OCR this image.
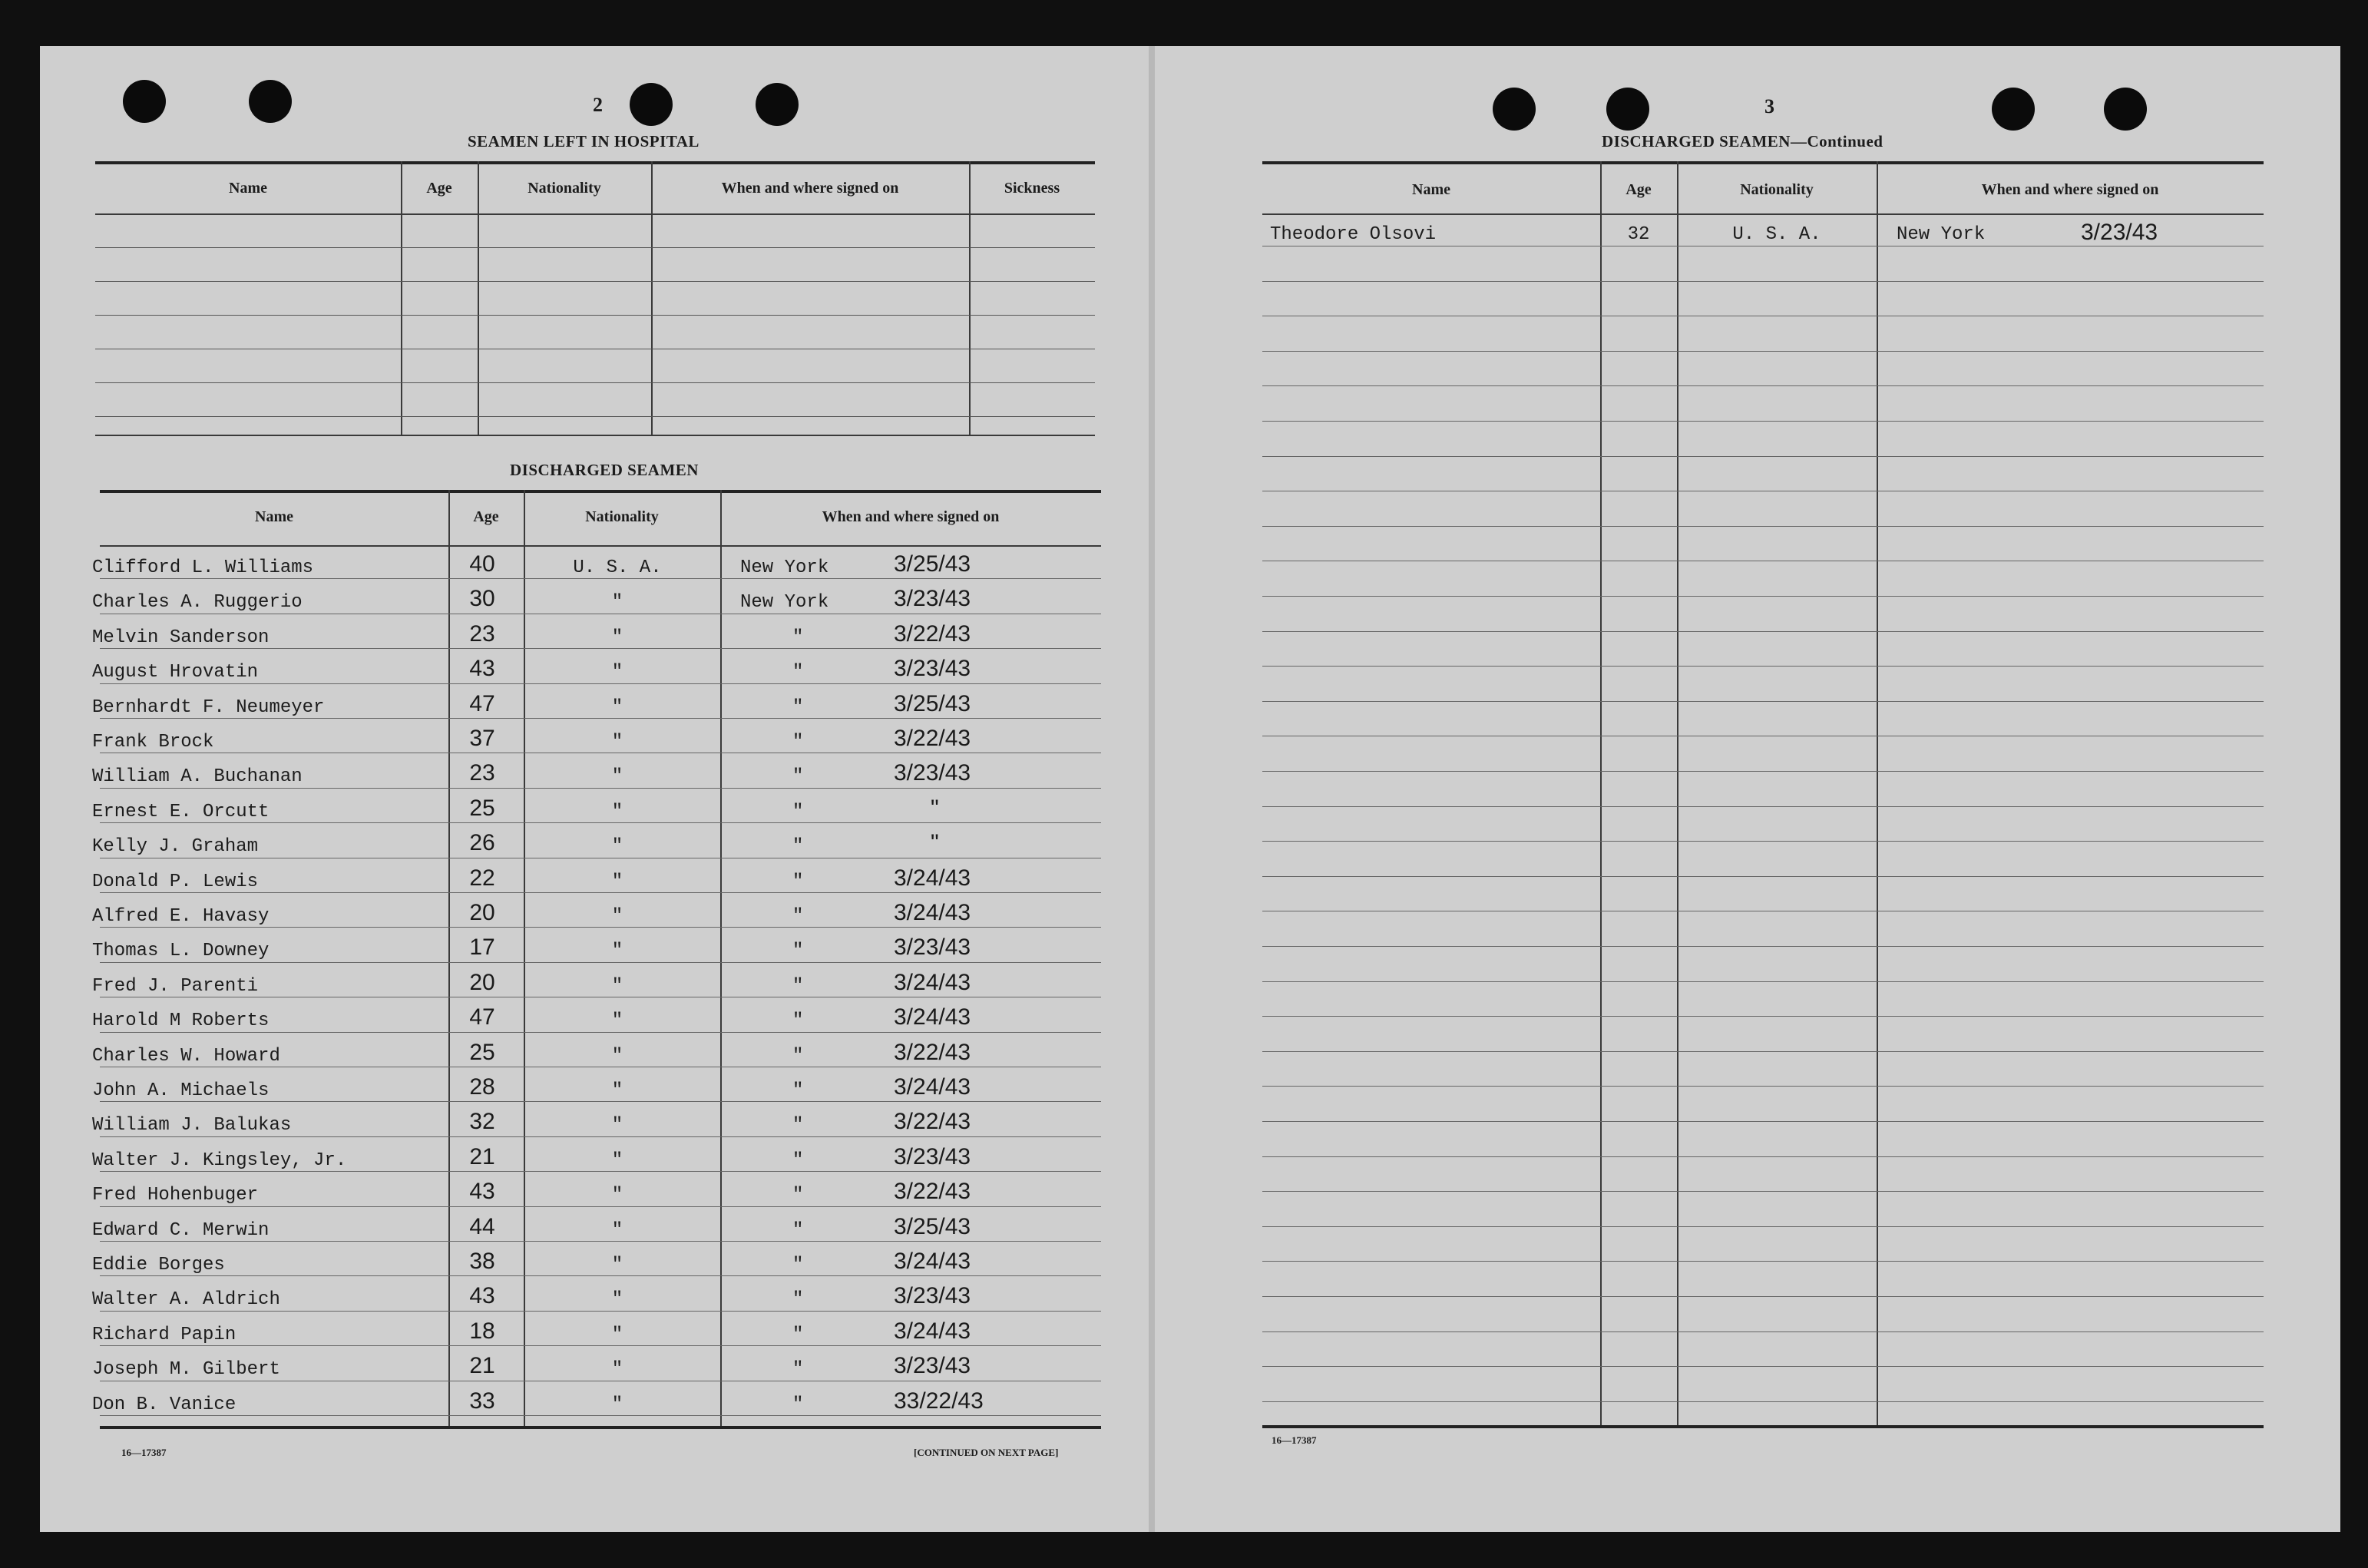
2
SEAMEN LEFT IN HOSPITAL
Name	Age	Nationality	When and where signed on	Sickness
DISCHARGED SEAMEN
Name	Age	Nationality	When and where signed on
Clifford L. Williams	40	U. S. A.	New York	3/25/43
Charles A. Ruggerio	30	"	New York	3/23/43
Melvin Sanderson	23	"	"	3/22/43
August Hrovatin	43	"	"	3/23/43
Bernhardt F. Neumeyer	47	"	"	3/25/43
Frank Brock	37	"	"	3/22/43
William A. Buchanan	23	"	"	3/23/43
Ernest E. Orcutt	25	"	"	"
Kelly J. Graham	26	"	"	"
Donald P. Lewis	22	"	"	3/24/43
Alfred E. Havasy	20	"	"	3/24/43
Thomas L. Downey	17	"	"	3/23/43
Fred J. Parenti	20	"	"	3/24/43
Harold M Roberts	47	"	"	3/24/43
Charles W. Howard	25	"	"	3/22/43
John A. Michaels	28	"	"	3/24/43
William J. Balukas	32	"	"	3/22/43
Walter J. Kingsley, Jr.	21	"	"	3/23/43
Fred Hohenbuger	43	"	"	3/22/43
Edward C. Merwin	44	"	"	3/25/43
Eddie Borges	38	"	"	3/24/43
Walter A. Aldrich	43	"	"	3/23/43
Richard Papin	18	"	"	3/24/43
Joseph M. Gilbert	21	"	"	3/23/43
Don B. Vanice	33	"	"	33/22/43
16—17387	[CONTINUED ON NEXT PAGE]
3
DISCHARGED SEAMEN—Continued
Name	Age	Nationality	When and where signed on
Theodore Olsovi	32	U. S. A.	New York	3/23/43
16—17387
